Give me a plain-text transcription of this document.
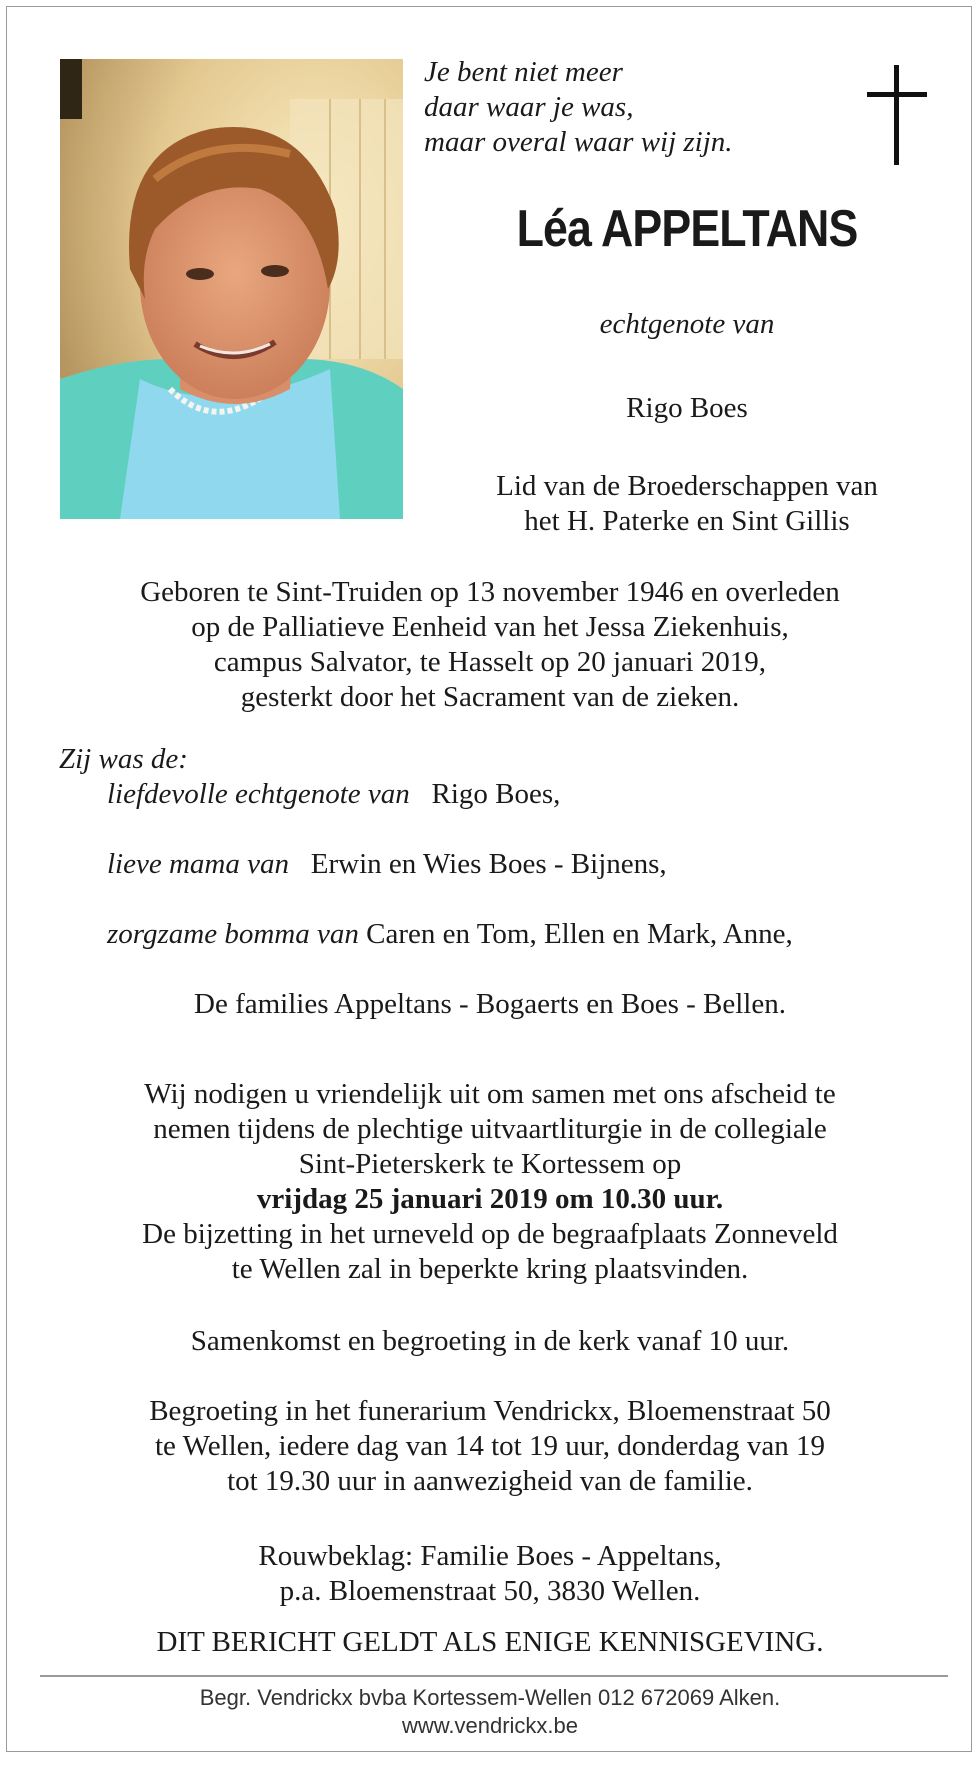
Je bent niet meer
daar waar je was,
maar overal waar wij zijn.
Léa APPELTANS
echtgenote van
Rigo Boes
Lid van de Broederschappen van
het H. Paterke en Sint Gillis
Geboren te Sint-Truiden op 13 november 1946 en overleden
op de Palliatieve Eenheid van het Jessa Ziekenhuis,
campus Salvator, te Hasselt op 20 januari 2019,
gesterkt door het Sacrament van de zieken.
Zij was de:
liefdevolle echtgenote van Rigo Boes,
lieve mama van Erwin en Wies Boes - Bijnens,
zorgzame bomma van Caren en Tom, Ellen en Mark, Anne,
De families Appeltans - Bogaerts en Boes - Bellen.
Wij nodigen u vriendelijk uit om samen met ons afscheid te
nemen tijdens de plechtige uitvaartliturgie in de collegiale
Sint-Pieterskerk te Kortessem op
vrijdag 25 januari 2019 om 10.30 uur.
De bijzetting in het urneveld op de begraafplaats Zonneveld
te Wellen zal in beperkte kring plaatsvinden.
Samenkomst en begroeting in de kerk vanaf 10 uur.
Begroeting in het funerarium Vendrickx, Bloemenstraat 50
te Wellen, iedere dag van 14 tot 19 uur, donderdag van 19
tot 19.30 uur in aanwezigheid van de familie.
Rouwbeklag: Familie Boes - Appeltans,
p.a. Bloemenstraat 50, 3830 Wellen.
DIT BERICHT GELDT ALS ENIGE KENNISGEVING.
Begr. Vendrickx bvba Kortessem-Wellen 012 672069 Alken.
www.vendrickx.be
